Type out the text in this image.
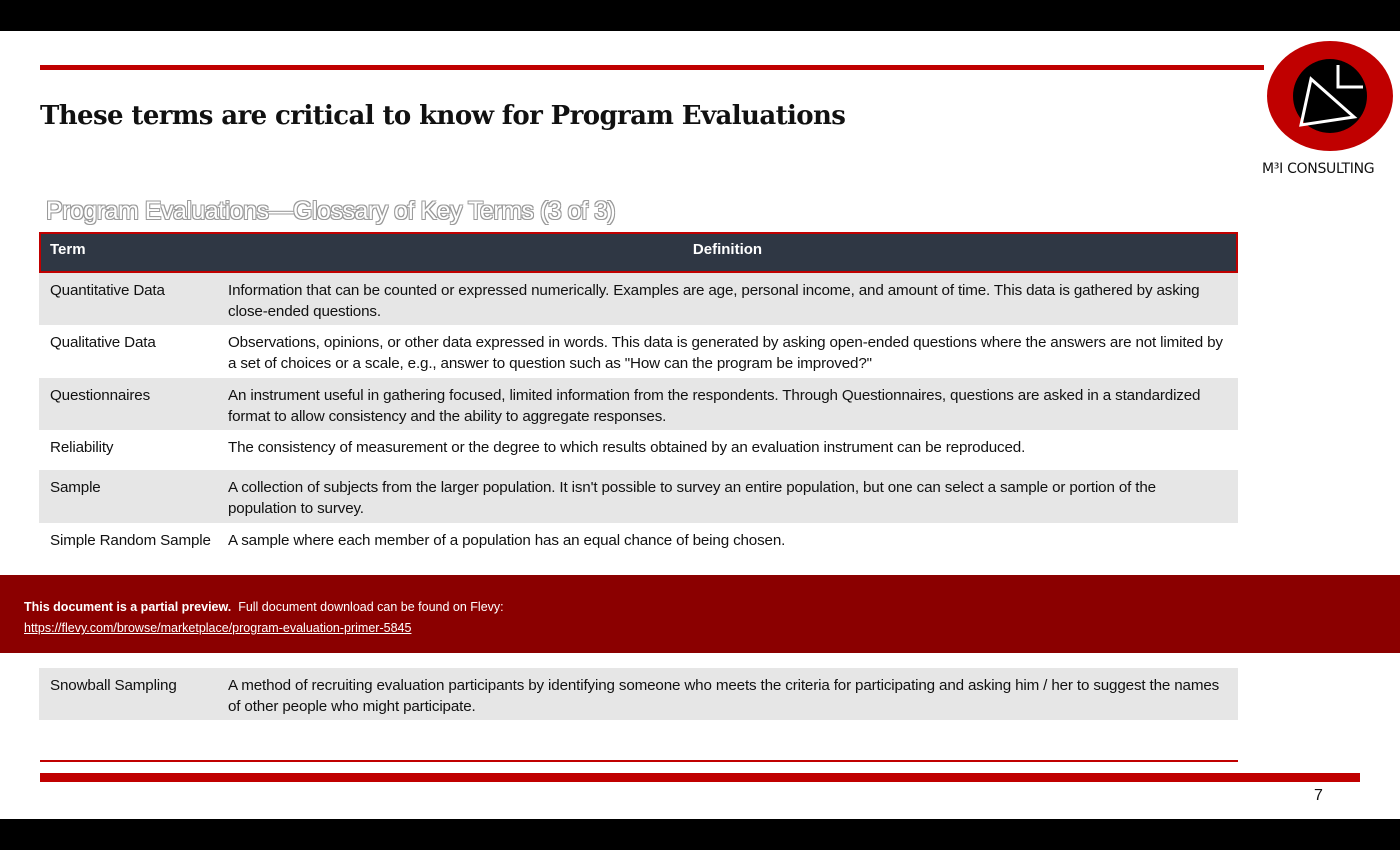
M³I CONSULTING
These terms are critical to know for Program Evaluations
Program Evaluations—Glossary of Key Terms (3 of 3)
Term	Definition
Quantitative Data	Information that can be counted or expressed numerically. Examples are age, personal income, and amount of time. This data is gathered by asking close-ended questions.
Qualitative Data	Observations, opinions, or other data expressed in words. This data is generated by asking open-ended questions where the answers are not limited by a set of choices or a scale, e.g., answer to question such as "How can the program be improved?"
Questionnaires	An instrument useful in gathering focused, limited information from the respondents. Through Questionnaires, questions are asked in a standardized format to allow consistency and the ability to aggregate responses.
Reliability	The consistency of measurement or the degree to which results obtained by an evaluation instrument can be reproduced.
Sample	A collection of subjects from the larger population. It isn't possible to survey an entire population, but one can select a sample or portion of the population to survey.
Simple Random Sample	A sample where each member of a population has an equal chance of being chosen.
Snowball Sampling	A method of recruiting evaluation participants by identifying someone who meets the criteria for participating and asking him / her to suggest the names of other people who might participate.
This document is a partial preview. Full document download can be found on Flevy:
https://flevy.com/browse/marketplace/program-evaluation-primer-5845
7
